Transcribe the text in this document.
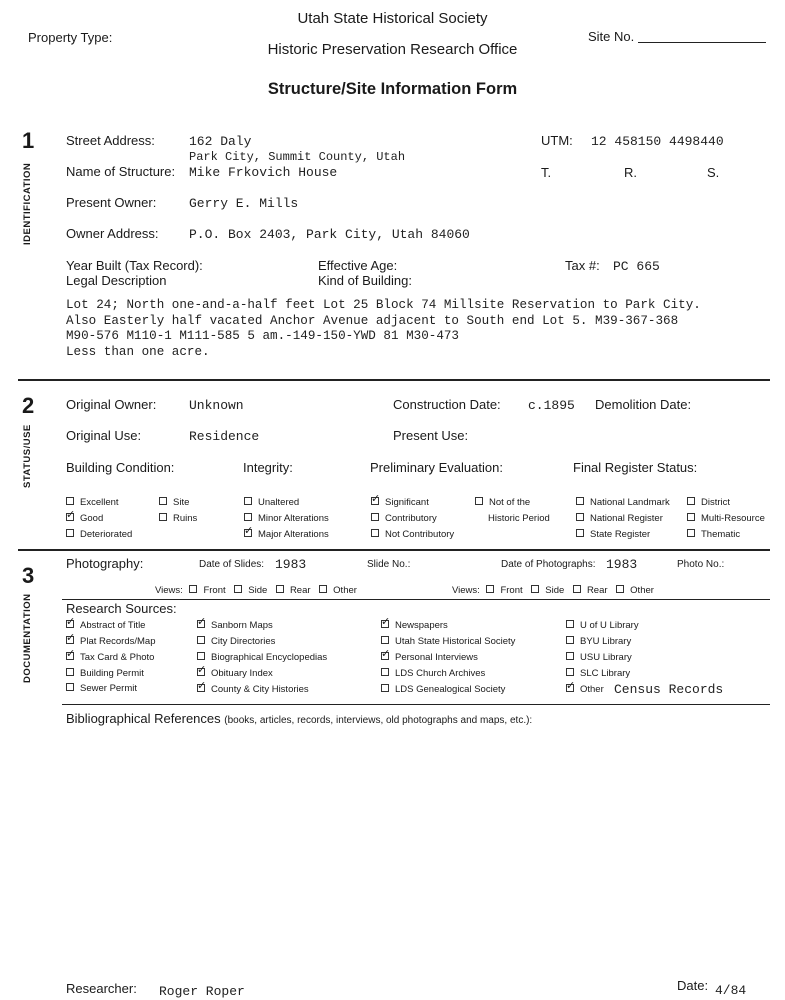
Property Type:
Utah State Historical Society
Historic Preservation Research Office
Site No.
Structure/Site Information Form
1
IDENTIFICATION
Street Address:	162 Daly
Park City, Summit County, Utah
UTM: 12 458150 4498440
Name of Structure: Mike Frkovich House	T.	R.	S.
Present Owner:	Gerry E. Mills
Owner Address: P.O. Box 2403, Park City, Utah 84060
Year Built (Tax Record):	Effective Age:	Tax #: PC 665
Legal Description	Kind of Building:
Lot 24; North one-and-a-half feet Lot 25 Block 74 Millsite Reservation to Park City.
Also Easterly half vacated Anchor Avenue adjacent to South end Lot 5. M39-367-368
M90-576 M110-1 M111-585 5 am.-149-150-YWD 81 M30-473
Less than one acre.
2
STATUS/USE
Original Owner:	Unknown	Construction Date: c.1895 Demolition Date:
Original Use:	Residence	Present Use:
Building Condition:	Integrity:	Preliminary Evaluation:	Final Register Status:
Excellent
✓Good
Deteriorated
Site
Ruins
Unaltered
Minor Alterations
✓Major Alterations
✓Significant
Contributory
Not Contributory
Not of the
Historic Period
National Landmark
National Register
State Register
District
Multi-Resource
Thematic
3
DOCUMENTATION
Photography:	Date of Slides: 1983	Slide No.:	Date of Photographs: 1983	Photo No.:
Views: Front Side Rear Other	Views: Front Side Rear Other
Research Sources:
✓Abstract of Title
✓Plat Records/Map
✓Tax Card & Photo
Building Permit
Sewer Permit
✓Sanborn Maps
City Directories
Biographical Encyclopedias
✓Obituary Index
✓County & City Histories
✓Newspapers
Utah State Historical Society
✓Personal Interviews
LDS Church Archives
LDS Genealogical Society
U of U Library
BYU Library
USU Library
SLC Library
✓Other Census Records
Bibliographical References (books, articles, records, interviews, old photographs and maps, etc.):
Researcher: Roger Roper	Date: 4/84
